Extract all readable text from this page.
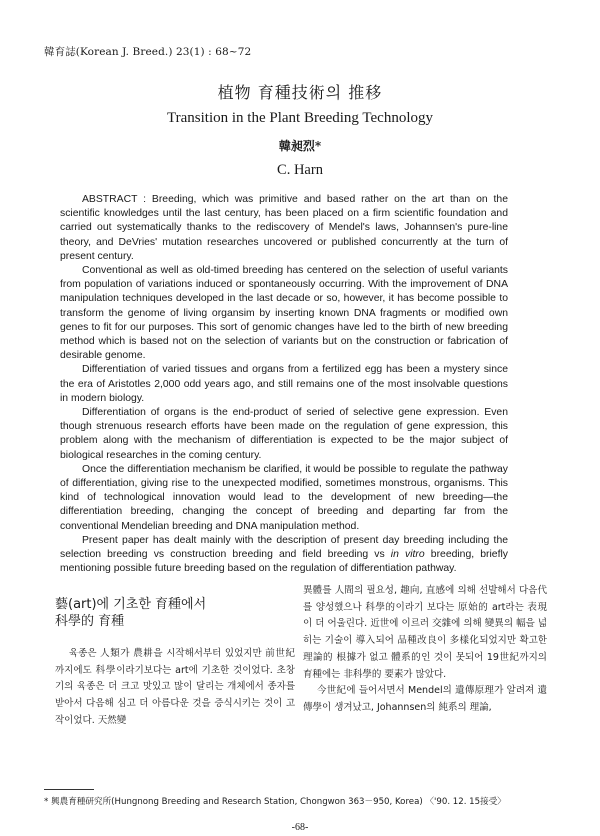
韓育誌(Korean J. Breed.) 23(1) : 68~72
植物 育種技術의 推移
Transition in the Plant Breeding Technology
韓昶烈*
C. Harn

ABSTRACT : Breeding, which was primitive and based rather on the art than on the scientific knowledges until the last century, has been placed on a firm scientific foundation and carried out systematically thanks to the rediscovery of Mendel's laws, Johannsen's pure-line theory, and DeVries' mutation researches uncovered or published concurrently at the turn of present century.

Conventional as well as old-timed breeding has centered on the selection of useful variants from population of variations induced or spontaneously occurring. With the improvement of DNA manipulation techniques developed in the last decade or so, however, it has become possible to transform the genome of living organsim by inserting known DNA fragments or modified own genes to fit for our purposes. This sort of genomic changes have led to the birth of new breeding method which is based not on the selection of variants but on the construction or fabrication of desirable genome.

Differentiation of varied tissues and organs from a fertilized egg has been a mystery since the era of Aristotles 2,000 odd years ago, and still remains one of the most insolvable questions in modern biology.

Differentiation of organs is the end-product of seried of selective gene expression. Even though strenuous research efforts have been made on the regulation of gene expression, this problem along with the mechanism of differentiation is expected to be the major subject of biological researches in the coming century.

Once the differentiation mechanism be clarified, it would be possible to regulate the pathway of differentiation, giving rise to the unexpected modified, sometimes monstrous, organisms. This kind of technological innovation would lead to the development of new breeding—the differentiation breeding, changing the concept of breeding and departing far from the conventional Mendelian breeding and DNA manipulation method.

Present paper has dealt mainly with the description of present day breeding including the selection breeding vs construction breeding and field breeding vs in vitro breeding, briefly mentioning possible future breeding based on the regulation of differentiation pathway.

藝(art)에 기초한 育種에서

科學的 育種

육종은 人類가 農耕을 시작해서부터 있었지만 前世紀까지에도 科學이라기보다는 art에 기초한 것이었다. 초창기의 육종은 더 크고 맛있고 많이 달리는 개체에서 종자를 받아서 다음해 심고 더 아름다운 것을 증식시키는 것이 고작이었다. 天然變

異體를 人間의 필요성, 趣向, 直感에 의해 선발해서 다음代를 양성했으나 科學的이라기 보다는 原始的 art라는 表現이 더 어울린다. 近世에 이르러 交雜에 의해 變異의 幅을 넓히는 기술이 導入되어 品種改良이 多樣化되었지만 확고한 理論的 根據가 없고 體系的인 것이 못되어 19世紀까지의 育種에는 非科學的 要素가 많았다.

今世紀에 들어서면서 Mendel의 遺傳原理가 알려져 遺傳學이 생겨났고, Johannsen의 純系의 理論,

* 興農育種研究所(Hungnong Breeding and Research Station, Chongwon 363－950, Korea) 〈'90. 12. 15接受〉
-68-
